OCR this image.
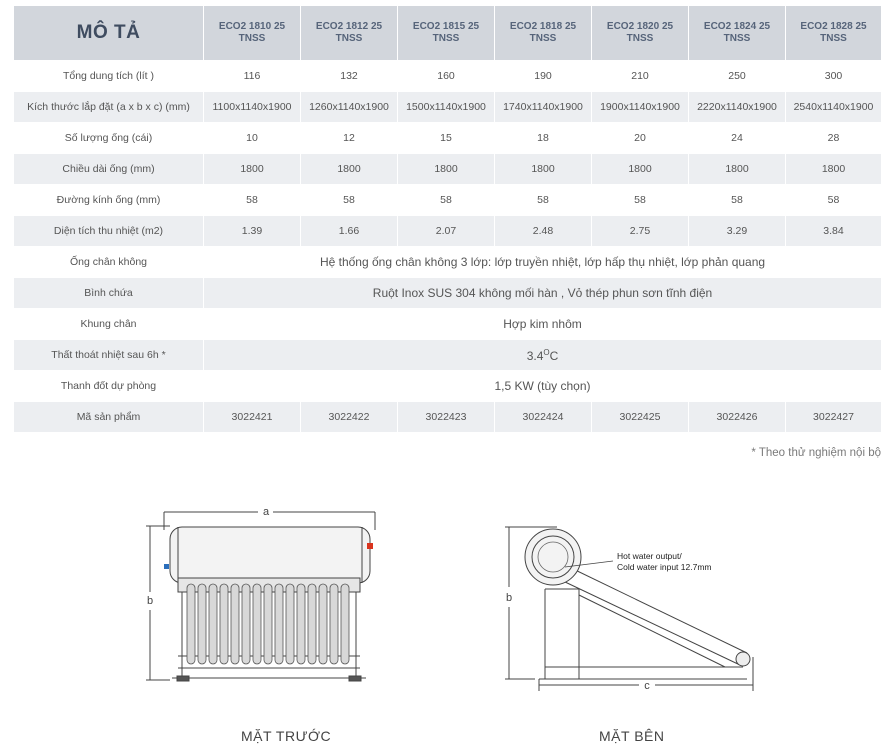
MÔ TẢ	ECO2 1810 25 TNSS	ECO2 1812 25 TNSS	ECO2 1815 25 TNSS	ECO2 1818 25 TNSS	ECO2 1820 25 TNSS	ECO2 1824 25 TNSS	ECO2 1828 25 TNSS
Tổng dung tích (lít )	116	132	160	190	210	250	300
Kích thước lắp đặt (a x b x c) (mm)	1100x1140x1900	1260x1140x1900	1500x1140x1900	1740x1140x1900	1900x1140x1900	2220x1140x1900	2540x1140x1900
Số lượng ống (cái)	10	12	15	18	20	24	28
Chiều dài ống (mm)	1800	1800	1800	1800	1800	1800	1800
Đường kính ống (mm)	58	58	58	58	58	58	58
Diện tích thu nhiệt (m2)	1.39	1.66	2.07	2.48	2.75	3.29	3.84
Ống chân không	Hệ thống ống chân không 3 lớp: lớp truyền nhiệt, lớp hấp thụ nhiệt, lớp phản quang						
Bình chứa	Ruột Inox SUS 304 không mối hàn , Vỏ thép phun sơn tĩnh điện						
Khung chân	Hợp kim nhôm						
Thất thoát nhiệt sau 6h *	$3.4^OC$						
Thanh đốt dự phòng	1,5 KW (tùy chọn)						
Mã sản phẩm	3022421	3022422	3022423	3022424	3022425	3022426	3022427
* Theo thử nghiệm nội bộ
a
b
MẶT TRƯỚC
Hot water output/
Cold water input 12.7mm
b
c
MẶT BÊN
